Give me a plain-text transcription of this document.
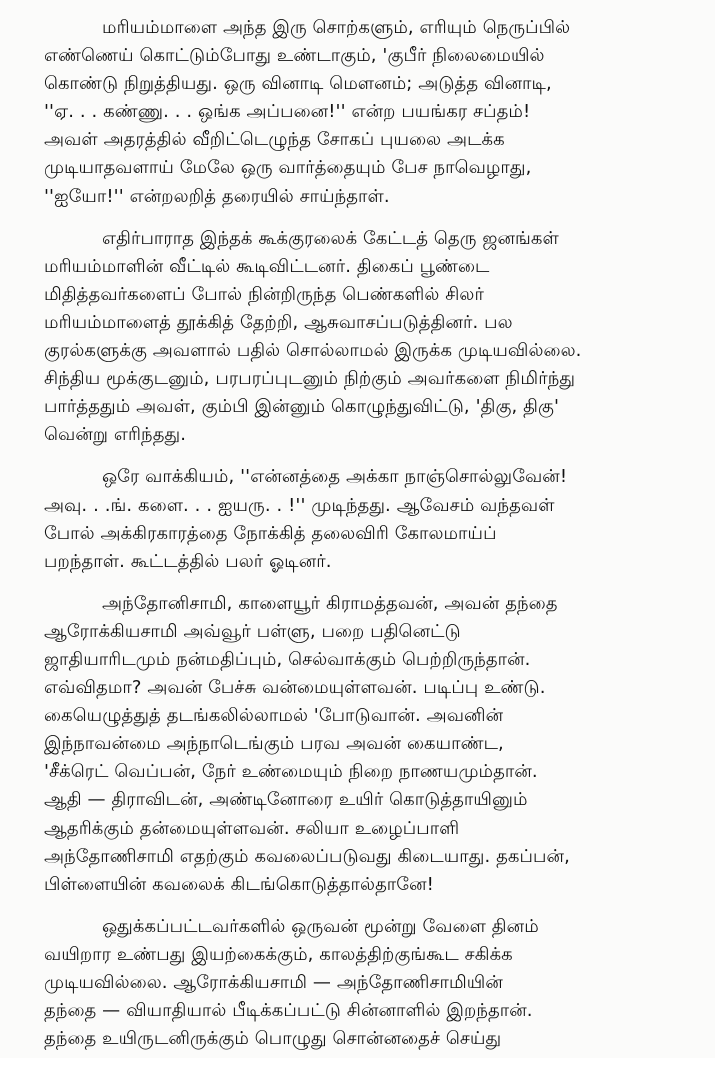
மரியம்மாளை அந்த இரு சொற்களும், எரியும் நெருப்பில்
எண்ணெய் கொட்டும்போது உண்டாகும், 'குபீர் நிலைமையில்
கொண்டு நிறுத்தியது. ஒரு வினாடி மௌனம்; அடுத்த வினாடி,
''ஏ. . . கண்ணு. . . ஒங்க அப்பனை!'' என்ற பயங்கர சப்தம்!
அவள் அதரத்தில் வீறிட்டெழுந்த சோகப் புயலை அடக்க
முடியாதவளாய் மேலே ஒரு வார்த்தையும் பேச நாவெழாது,
''ஐயோ!'' என்றலறித் தரையில் சாய்ந்தாள்.

எதிர்பாராத இந்தக் கூக்குரலைக் கேட்டத் தெரு ஜனங்கள்
மரியம்மாளின் வீட்டில் கூடிவிட்டனர். திகைப் பூண்டை
மிதித்தவர்களைப் போல் நின்றிருந்த பெண்களில் சிலர்
மரியம்மாளைத் தூக்கித் தேற்றி, ஆசுவாசப்படுத்தினர். பல
குரல்களுக்கு அவளால் பதில் சொல்லாமல் இருக்க முடியவில்லை.
சிந்திய மூக்குடனும், பரபரப்புடனும் நிற்கும் அவர்களை நிமிர்ந்து
பார்த்ததும் அவள், கும்பி இன்னும் கொழுந்துவிட்டு, 'திகு, திகு'
வென்று எரிந்தது.

ஒரே வாக்கியம், ''என்னத்தை அக்கா நாஞ்சொல்லுவேன்!
அவு. . .ங். களை. . . ஐயரு. . !'' முடிந்தது. ஆவேசம் வந்தவள்
போல் அக்கிரகாரத்தை நோக்கித் தலைவிரி கோலமாய்ப்
பறந்தாள். கூட்டத்தில் பலர் ஓடினர்.

அந்தோனிசாமி, காளையூர் கிராமத்தவன், அவன் தந்தை
ஆரோக்கியசாமி அவ்வூர் பள்ளு, பறை பதினெட்டு
ஜாதியாரிடமும் நன்மதிப்பும், செல்வாக்கும் பெற்றிருந்தான்.
எவ்விதமா? அவன் பேச்சு வன்மையுள்ளவன். படிப்பு உண்டு.
கையெழுத்துத் தடங்கலில்லாமல் 'போடுவான். அவனின்
இந்நாவன்மை அந்நாடெங்கும் பரவ அவன் கையாண்ட,
'சீக்ரெட் வெப்பன், நேர் உண்மையும் நிறை நாணயமும்தான்.
ஆதி — திராவிடன், அண்டினோரை உயிர் கொடுத்தாயினும்
ஆதரிக்கும் தன்மையுள்ளவன். சலியா உழைப்பாளி
அந்தோணிசாமி எதற்கும் கவலைப்படுவது கிடையாது. தகப்பன்,
பிள்ளையின் கவலைக் கிடங்கொடுத்தால்தானே!

ஒதுக்கப்பட்டவர்களில் ஒருவன் மூன்று வேளை தினம்
வயிறார உண்பது இயற்கைக்கும், காலத்திற்குங்கூட சகிக்க
முடியவில்லை. ஆரோக்கியசாமி — அந்தோணிசாமியின்
தந்தை — வியாதியால் பீடிக்கப்பட்டு சின்னாளில் இறந்தான்.
தந்தை உயிருடனிருக்கும் பொழுது சொன்னதைச் செய்து
